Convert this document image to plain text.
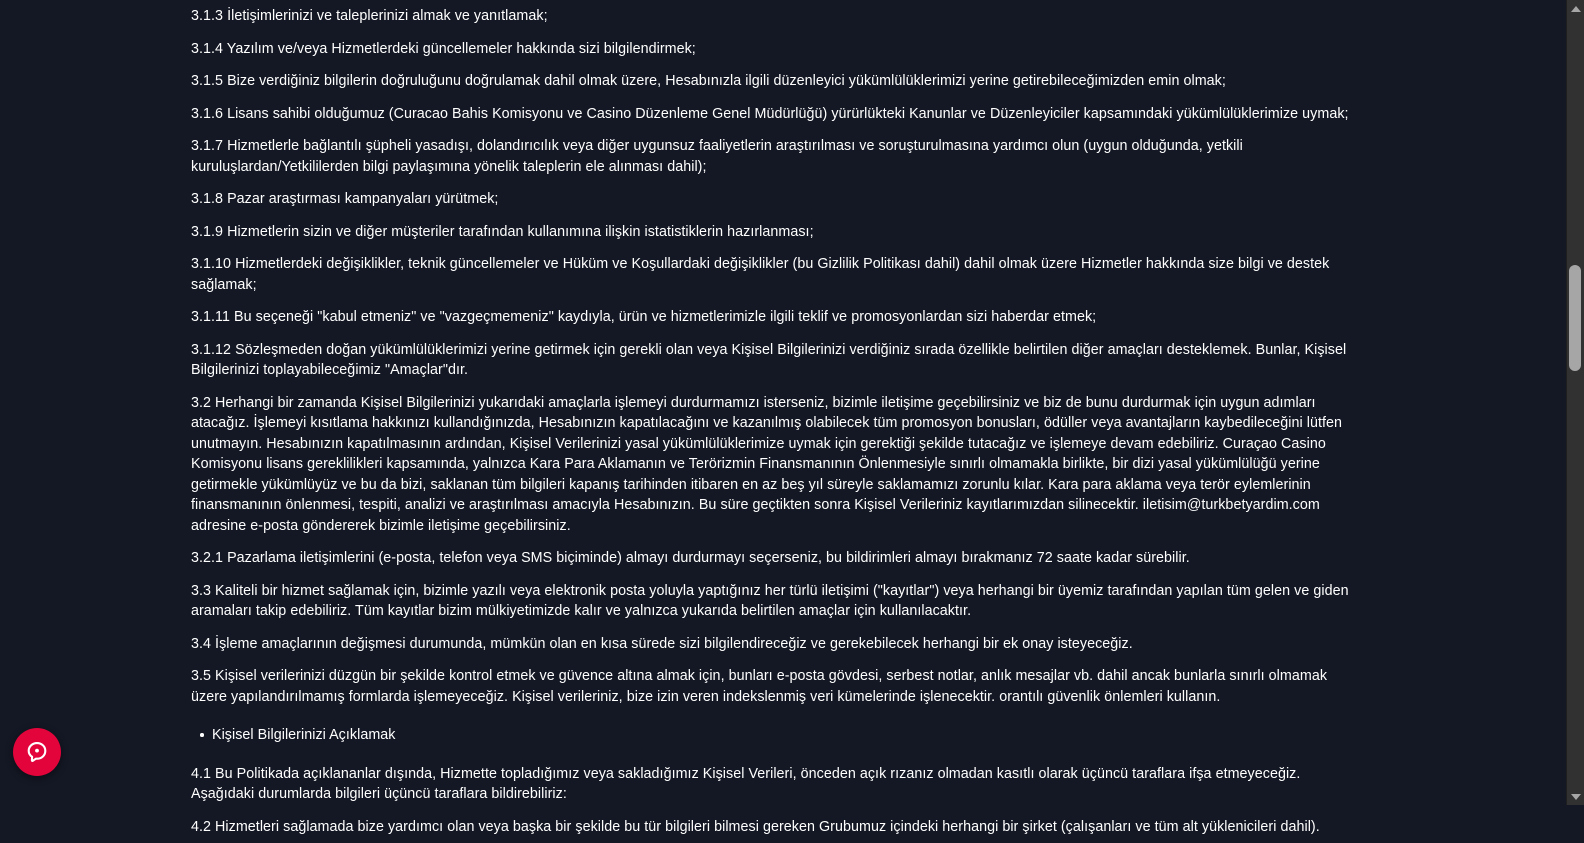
3.1.3 İletişimlerinizi ve taleplerinizi almak ve yanıtlamak;

3.1.4 Yazılım ve/veya Hizmetlerdeki güncellemeler hakkında sizi bilgilendirmek;

3.1.5 Bize verdiğiniz bilgilerin doğruluğunu doğrulamak dahil olmak üzere, Hesabınızla ilgili düzenleyici yükümlülüklerimizi yerine getirebileceğimizden emin olmak;

3.1.6 Lisans sahibi olduğumuz (Curacao Bahis Komisyonu ve Casino Düzenleme Genel Müdürlüğü) yürürlükteki Kanunlar ve Düzenleyiciler kapsamındaki yükümlülüklerimize uymak;

3.1.7 Hizmetlerle bağlantılı şüpheli yasadışı, dolandırıcılık veya diğer uygunsuz faaliyetlerin araştırılması ve soruşturulmasına yardımcı olun (uygun olduğunda, yetkili kuruluşlardan/Yetkililerden bilgi paylaşımına yönelik taleplerin ele alınması dahil);

3.1.8 Pazar araştırması kampanyaları yürütmek;

3.1.9 Hizmetlerin sizin ve diğer müşteriler tarafından kullanımına ilişkin istatistiklerin hazırlanması;

3.1.10 Hizmetlerdeki değişiklikler, teknik güncellemeler ve Hüküm ve Koşullardaki değişiklikler (bu Gizlilik Politikası dahil) dahil olmak üzere Hizmetler hakkında size bilgi ve destek sağlamak;

3.1.11 Bu seçeneği "kabul etmeniz" ve "vazgeçmemeniz" kaydıyla, ürün ve hizmetlerimizle ilgili teklif ve promosyonlardan sizi haberdar etmek;

3.1.12 Sözleşmeden doğan yükümlülüklerimizi yerine getirmek için gerekli olan veya Kişisel Bilgilerinizi verdiğiniz sırada özellikle belirtilen diğer amaçları desteklemek. Bunlar, Kişisel Bilgilerinizi toplayabileceğimiz "Amaçlar"dır.

3.2 Herhangi bir zamanda Kişisel Bilgilerinizi yukarıdaki amaçlarla işlemeyi durdurmamızı isterseniz, bizimle iletişime geçebilirsiniz ve biz de bunu durdurmak için uygun adımları atacağız. İşlemeyi kısıtlama hakkınızı kullandığınızda, Hesabınızın kapatılacağını ve kazanılmış olabilecek tüm promosyon bonusları, ödüller veya avantajların kaybedileceğini lütfen unutmayın. Hesabınızın kapatılmasının ardından, Kişisel Verilerinizi yasal yükümlülüklerimize uymak için gerektiği şekilde tutacağız ve işlemeye devam edebiliriz. Curaçao Casino Komisyonu lisans gereklilikleri kapsamında, yalnızca Kara Para Aklamanın ve Terörizmin Finansmanının Önlenmesiyle sınırlı olmamakla birlikte, bir dizi yasal yükümlülüğü yerine getirmekle yükümlüyüz ve bu da bizi, saklanan tüm bilgileri kapanış tarihinden itibaren en az beş yıl süreyle saklamamızı zorunlu kılar. Kara para aklama veya terör eylemlerinin finansmanının önlenmesi, tespiti, analizi ve araştırılması amacıyla Hesabınızın. Bu süre geçtikten sonra Kişisel Verileriniz kayıtlarımızdan silinecektir. iletisim@turkbetyardim.com adresine e-posta göndererek bizimle iletişime geçebilirsiniz.

3.2.1 Pazarlama iletişimlerini (e-posta, telefon veya SMS biçiminde) almayı durdurmayı seçerseniz, bu bildirimleri almayı bırakmanız 72 saate kadar sürebilir.

3.3 Kaliteli bir hizmet sağlamak için, bizimle yazılı veya elektronik posta yoluyla yaptığınız her türlü iletişimi ("kayıtlar") veya herhangi bir üyemiz tarafından yapılan tüm gelen ve giden aramaları takip edebiliriz. Tüm kayıtlar bizim mülkiyetimizde kalır ve yalnızca yukarıda belirtilen amaçlar için kullanılacaktır.

3.4 İşleme amaçlarının değişmesi durumunda, mümkün olan en kısa sürede sizi bilgilendireceğiz ve gerekebilecek herhangi bir ek onay isteyeceğiz.

3.5 Kişisel verilerinizi düzgün bir şekilde kontrol etmek ve güvence altına almak için, bunları e-posta gövdesi, serbest notlar, anlık mesajlar vb. dahil ancak bunlarla sınırlı olmamak üzere yapılandırılmamış formlarda işlemeyeceğiz. Kişisel verileriniz, bize izin veren indekslenmiş veri kümelerinde işlenecektir. orantılı güvenlik önlemleri kullanın.

Kişisel Bilgilerinizi Açıklamak

4.1 Bu Politikada açıklananlar dışında, Hizmette topladığımız veya sakladığımız Kişisel Verileri, önceden açık rızanız olmadan kasıtlı olarak üçüncü taraflara ifşa etmeyeceğiz. Aşağıdaki durumlarda bilgileri üçüncü taraflara bildirebiliriz:

4.2 Hizmetleri sağlamada bize yardımcı olan veya başka bir şekilde bu tür bilgileri bilmesi gereken Grubumuz içindeki herhangi bir şirket (çalışanları ve tüm alt yüklenicileri dahil).
